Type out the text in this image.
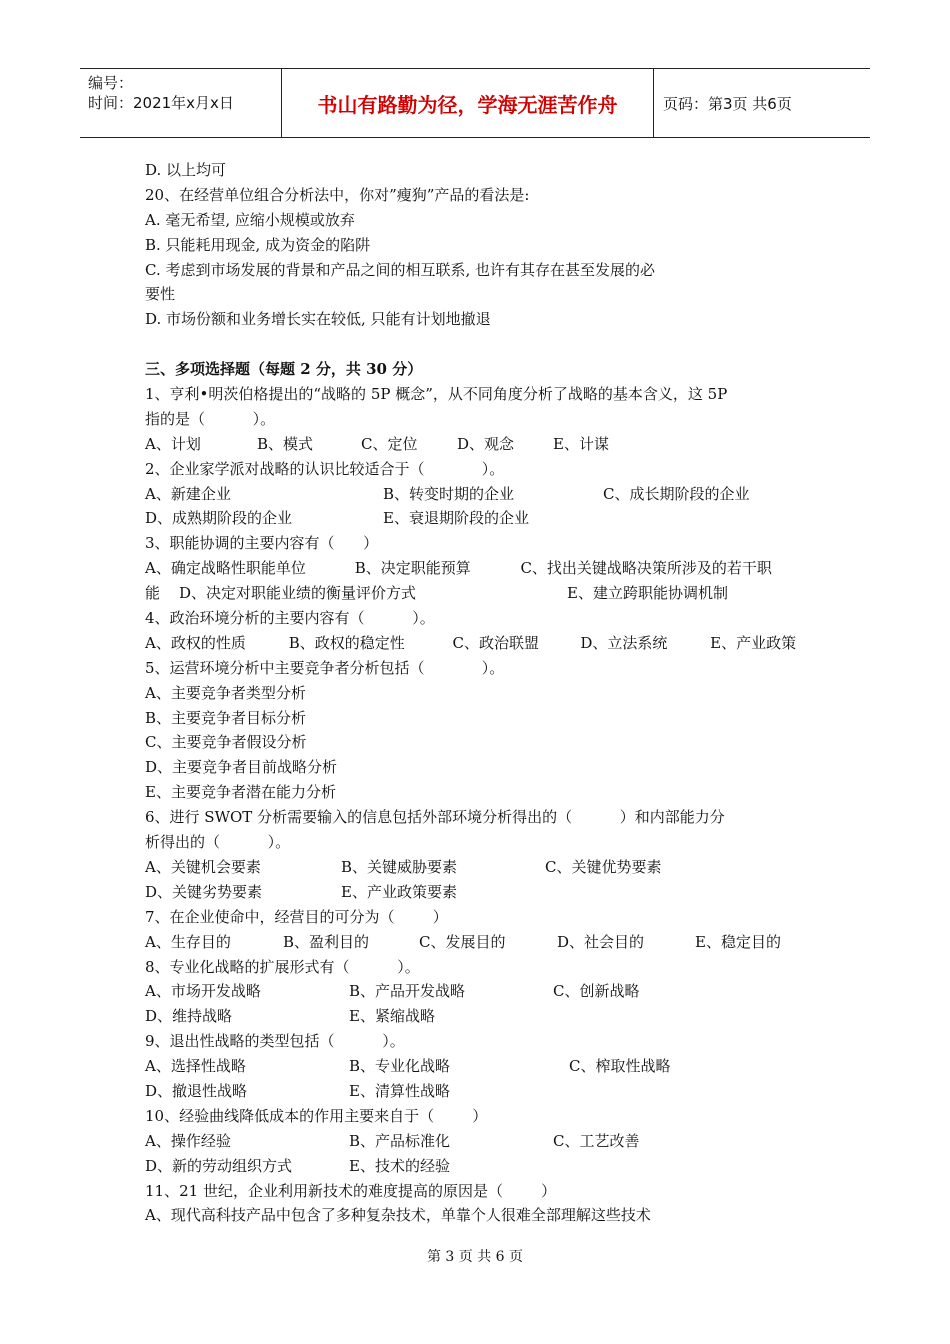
编号：
时间：2021年x月x日	书山有路勤为径，学海无涯苦作舟	页码：第3页 共6页
D. 以上均可
20、在经营单位组合分析法中，你对”瘦狗”产品的看法是:
A. 毫无希望, 应缩小规模或放弃
B. 只能耗用现金, 成为资金的陷阱
C. 考虑到市场发展的背景和产品之间的相互联系, 也许有其存在甚至发展的必
要性
D. 市场份额和业务增长实在较低, 只能有计划地撤退
三、多项选择题（每题 2 分，共 30 分）
1、亨利•明茨伯格提出的“战略的 5P 概念”，从不同角度分析了战略的基本含义，这 5P
指的是（          ）。
A、计划	B、模式	C、定位	D、观念	E、计谋
2、企业家学派对战略的认识比较适合于（            ）。
A、新建企业	B、转变时期的企业	C、成长期阶段的企业
D、成熟期阶段的企业	E、衰退期阶段的企业
3、职能协调的主要内容有（      ）
A、确定战略性职能单位	B、决定职能预算	C、找出关键战略决策所涉及的若干职
能	D、决定对职能业绩的衡量评价方式	E、建立跨职能协调机制
4、政治环境分析的主要内容有（          ）。
A、政权的性质	B、政权的稳定性	C、政治联盟	D、立法系统	E、产业政策
5、运营环境分析中主要竞争者分析包括（            ）。
A、主要竞争者类型分析
B、主要竞争者目标分析
C、主要竞争者假设分析
D、主要竞争者目前战略分析
E、主要竞争者潜在能力分析
6、进行 SWOT 分析需要输入的信息包括外部环境分析得出的（          ）和内部能力分
析得出的（          ）。
A、关键机会要素	B、关键威胁要素	C、关键优势要素
D、关键劣势要素	E、产业政策要素
7、在企业使命中，经营目的可分为（        ）
A、生存目的	B、盈利目的	C、发展目的	D、社会目的	E、稳定目的
8、专业化战略的扩展形式有（          ）。
A、市场开发战略	B、产品开发战略	C、创新战略
D、维持战略	E、紧缩战略
9、退出性战略的类型包括（          ）。
A、选择性战略	B、专业化战略	C、榨取性战略
D、撤退性战略	E、清算性战略
10、经验曲线降低成本的作用主要来自于（        ）
A、操作经验	B、产品标准化	C、工艺改善
D、新的劳动组织方式	E、技术的经验
11、21 世纪，企业利用新技术的难度提高的原因是（        ）
A、现代高科技产品中包含了多种复杂技术，单靠个人很难全部理解这些技术
第 3 页 共 6 页
